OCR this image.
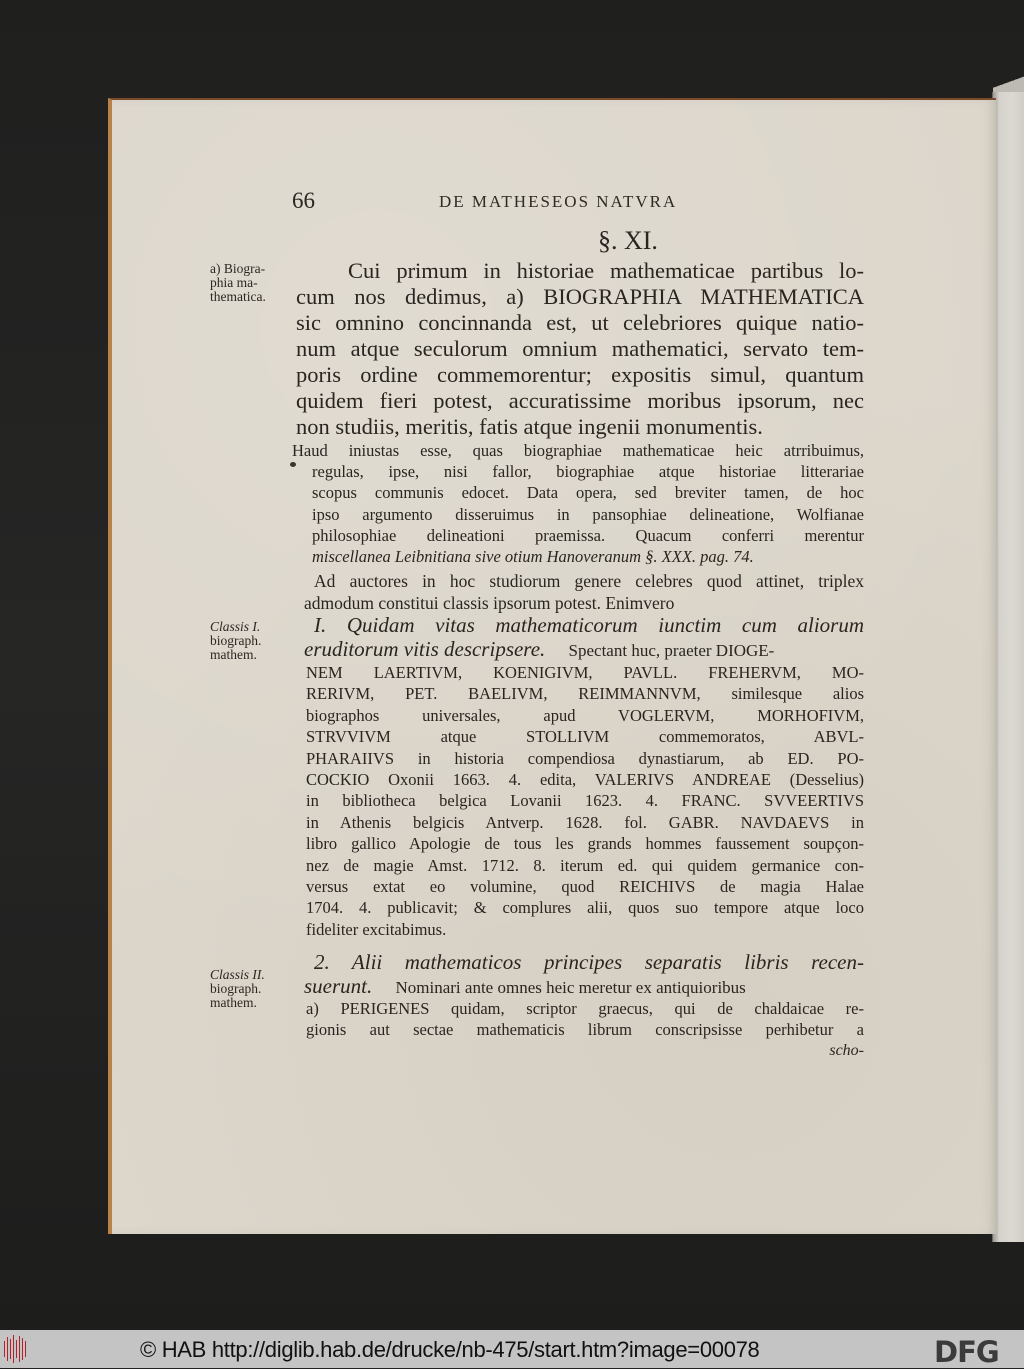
66	DE MATHESEOS NATVRA
§. XI.
a) Biogra-
phia ma-
thematica.
Classis I.
biograph.
mathem.
Classis II.
biograph.
mathem.
Cui primum in historiae mathematicae partibus lo-
cum nos dedimus, a) BIOGRAPHIA MATHEMATICA
sic omnino concinnanda est, ut celebriores quique natio-
num atque seculorum omnium mathematici, servato tem-
poris ordine commemorentur; expositis simul, quantum
quidem fieri potest, accuratissime moribus ipsorum, nec
non studiis, meritis, fatis atque ingenii monumentis.
Haud iniustas esse, quas biographiae mathematicae heic atrribuimus,
regulas, ipse, nisi fallor, biographiae atque historiae litterariae
scopus communis edocet. Data opera, sed breviter tamen, de hoc
ipso argumento disseruimus in pansophiae delineatione, Wolfianae
philosophiae delineationi praemissa. Quacum conferri merentur
miscellanea Leibnitiana sive otium Hanoveranum §. XXX. pag. 74.
Ad auctores in hoc studiorum genere celebres quod attinet, triplex
admodum constitui classis ipsorum potest. Enimvero
I. Quidam vitas mathematicorum iunctim cum aliorum
eruditorum vitis descripsere. Spectant huc, praeter DIOGE-
NEM LAERTIVM, KOENIGIVM, PAVLL. FREHERVM, MO-
RERIVM, PET. BAELIVM, REIMMANNVM, similesque alios
biographos universales, apud VOGLERVM, MORHOFIVM,
STRVVIVM atque STOLLIVM commemoratos, ABVL-
PHARAIIVS in historia compendiosa dynastiarum, ab ED. PO-
COCKIO Oxonii 1663. 4. edita, VALERIVS ANDREAE (Desselius)
in bibliotheca belgica Lovanii 1623. 4. FRANC. SVVEERTIVS
in Athenis belgicis Antverp. 1628. fol. GABR. NAVDAEVS in
libro gallico Apologie de tous les grands hommes faussement soupçon-
nez de magie Amst. 1712. 8. iterum ed. qui quidem germanice con-
versus extat eo volumine, quod REICHIVS de magia Halae
1704. 4. publicavit; & complures alii, quos suo tempore atque loco
fideliter excitabimus.
2. Alii mathematicos principes separatis libris recen-
suerunt. Nominari ante omnes heic meretur ex antiquioribus
a) PERIGENES quidam, scriptor graecus, qui de chaldaicae re-
gionis aut sectae mathematicis librum conscripsisse perhibetur a
scho-
© HAB http://diglib.hab.de/drucke/nb-475/start.htm?image=00078	DFG
